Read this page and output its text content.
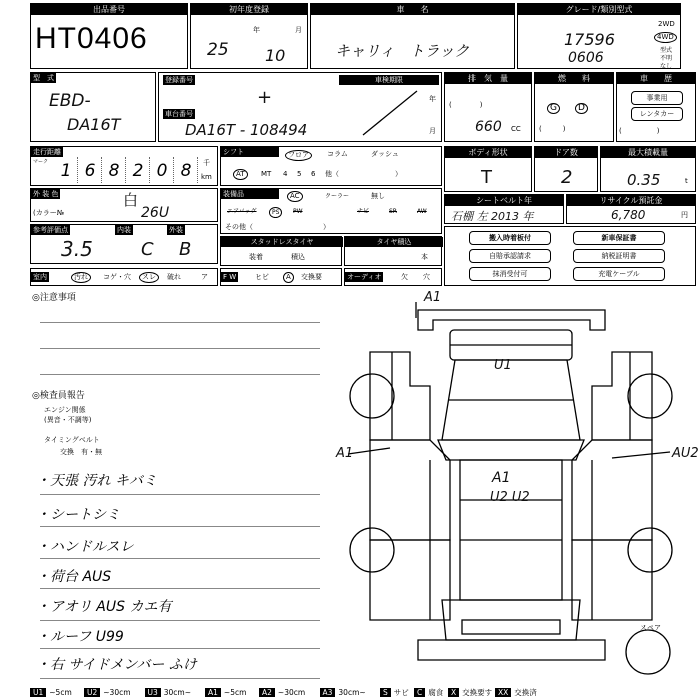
出品番号
HT0406
初年度登録
年	月
25 10
車　　名
キャリィ　トラック
グレード/類別型式
17596
0606
2WD
4WD
型式
不明
なし
型　式
EBD-
DA16T
登録番号
+
車台番号
DA16T - 108494
車検期限
年
月
排　気　量
660 CC
(　　　　)
燃　　料
G	D
(　　　)
車　　歴
事業用
レンタカー
(　　　　　)
走行距離
マーク 1 6 8 2 0 8	千
km
シフト	フロア	コラム	ダッシュ
AT	MT 4 5 6 他（　　　　　　　　）
ボディ形状
T
ドア数
2
最大積載量
0.35	t
外 装 色	白
(カラー№	26U
装備品	AC	クーラー	無し
エアバッグ	PS	PW	ナビ	SR	AW
その他（　　　　　　　　　　）
シートベルト年
石棚 左 2013 年
リサイクル預託金
6,780	円
参考評価点	内装	外装
3.5	C B	スタッドレスタイヤ
装着	積込
タイヤ積込
本
搬入時着板付	新車保証書
自賠承認請求	納税証明書
抹消受付可	充電ケーブル
室内	汚れ	コゲ・穴	スレ	破れ	ア F W	ヒビ	A	交換要	オーディオ	欠 穴
◎注意事項
◎検査員報告
エンジン関係
(異音・不調等)
タイミングベルト
交換　有・無
・天張 汚れ キバミ
・シートシミ
・ハンドルスレ
・荷台 AUS
・アオリ AUS カエ有
・ルーフ U99
・右 サイドメンバー ふけ
A1
U1
A1	AU2
A1
U2 U2
スペア
U1 ~5cm	U2 ~30cm	U3 30cm~	A1 ~5cm	A2 ~30cm	A3 30cm~	S サビ	C 腐食	X 交換要す XX 交換済
